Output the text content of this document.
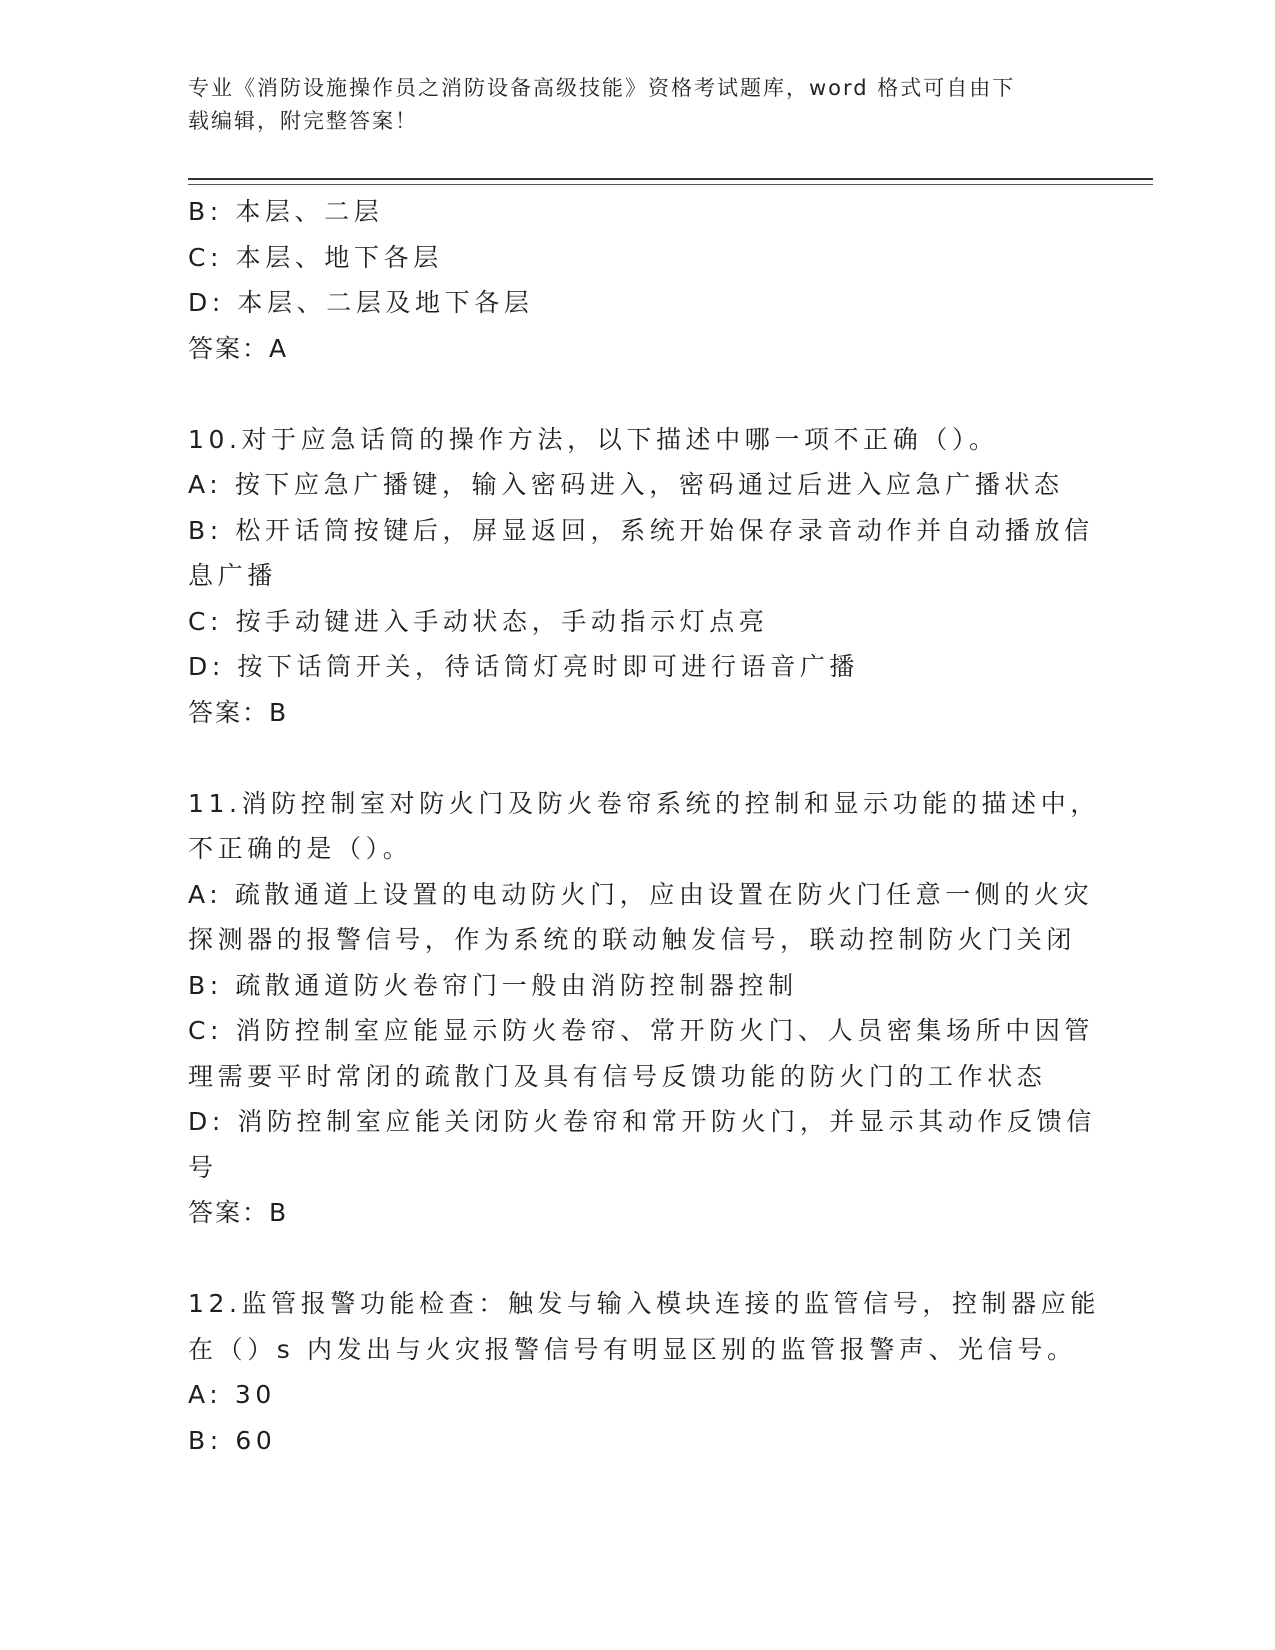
专业《消防设施操作员之消防设备高级技能》资格考试题库，word 格式可自由下
载编辑，附完整答案！
B: 本层、二层
C: 本层、地下各层
D: 本层、二层及地下各层
答案：A
10.对于应急话筒的操作方法，以下描述中哪一项不正确（）。
A: 按下应急广播键，输入密码进入，密码通过后进入应急广播状态
B: 松开话筒按键后，屏显返回，系统开始保存录音动作并自动播放信
息广播
C: 按手动键进入手动状态，手动指示灯点亮
D: 按下话筒开关，待话筒灯亮时即可进行语音广播
答案：B
11.消防控制室对防火门及防火卷帘系统的控制和显示功能的描述中，
不正确的是（）。
A: 疏散通道上设置的电动防火门，应由设置在防火门任意一侧的火灾
探测器的报警信号，作为系统的联动触发信号，联动控制防火门关闭
B: 疏散通道防火卷帘门一般由消防控制器控制
C: 消防控制室应能显示防火卷帘、常开防火门、人员密集场所中因管
理需要平时常闭的疏散门及具有信号反馈功能的防火门的工作状态
D: 消防控制室应能关闭防火卷帘和常开防火门，并显示其动作反馈信
号
答案：B
12.监管报警功能检查：触发与输入模块连接的监管信号，控制器应能
在（）s 内发出与火灾报警信号有明显区别的监管报警声、光信号。
A: 30
B: 60
